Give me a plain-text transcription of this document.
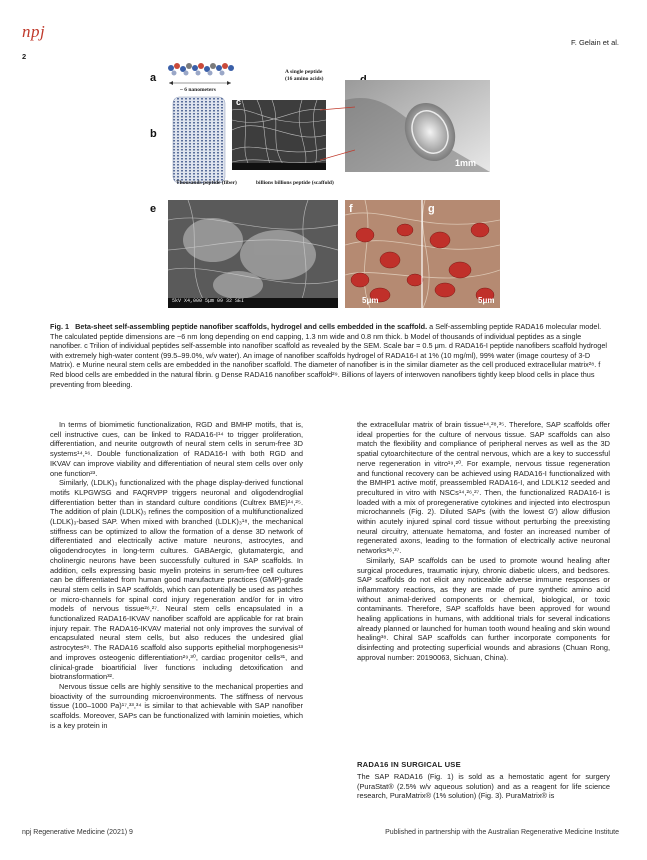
npj
F. Gelain et al.
2
a
b
c
e	f	g
~ 6 nanometers
A single peptide
(16 amino acids)
Thousands peptide (fiber)	billions billions peptide (scaffold)
1mm
5kV X4,000 5μm 09 32 SEI	5μm	5μm
Fig. 1 Beta-sheet self-assembling peptide nanofiber scaffolds, hydrogel and cells embedded in the scaffold. a Self-assembling peptide RADA16 molecular model. The calculated peptide dimensions are ~6 nm long depending on end capping, 1.3 nm wide and 0.8 nm thick. b Model of thousands of individual peptides as a single nanofiber. c Trilion of individual peptides self-assemble into nanofiber scaffold as revealed by the SEM. Scale bar = 0.5 μm. d RADA16-I peptide nanofibers scaffold hydrogel with extremely high-water content (99.5–99.0%, w/v water). An image of nanofiber scaffolds hydrogel of RADA16-I at 1% (10 mg/ml), 99% water (image courtesy of 3-D Matrix). e Murine neural stem cells are embedded in the nanofiber scaffold. The diameter of nanofiber is in the similar diameter as the cell produced extracellular matrix²⁸. f Red blood cells are embedded in the natural fibrin. g Dense RADA16 nanofiber scaffold²⁹. Billions of layers of interwoven nanofibers tightly keep blood cells in place thus preventing from bleeding.

In terms of biomimetic functionalization, RGD and BMHP motifs, that is, cell instructive cues, can be linked to RADA16-I¹⁴ to trigger proliferation, differentiation, and neurite outgrowth of neural stem cells in serum-free 3D systems¹⁴,¹⁶. Double functionalization of RADA16-I with both RGD and IKVAV can improve viability and differentiation of neural stem cells over only one function²³.

Similarly, (LDLK)₃ functionalized with the phage display-derived functional motifs KLPGWSG and FAQRVPP triggers neuronal and oligodendroglial differentiation better than in standard culture conditions (Cultrex BME)²⁴,²⁵. The addition of plain (LDLK)₃ refines the composition of a multifunctionalized (LDLK)₃-based SAP. When mixed with branched (LDLK)₃¹⁸, the mechanical stiffness can be optimized to allow the formation of a dense 3D network of differentiated and electrically active mature neurons, astrocytes, and oligodendrocytes in long-term cultures. GABAergic, glutamatergic, and cholinergic neurons have been successfully cultured in SAP scaffolds. In addition, cells expressing basic myelin proteins in serum-free cell cultures can be differentiated from human good manufacture practices (GMP)-grade neural stem cells in SAP scaffolds, which can potentially be used as patches or micro-channels for spinal cord injury regeneration and/or for in vitro models of nervous tissue²⁶,²⁷. Neural stem cells encapsulated in a functionalized RADA16-IKVAV nanofiber scaffold are applicable for rat brain injury repair. The RADA16-IKVAV material not only improves the survival of encapsulated neural stem cells, but also reduces the undesired glial astrocytes²⁸. The RADA16 scaffold also supports epithelial morphogenesis¹³ and improves osteogenic differentiation²⁹,³⁰, cardiac progenitor cells³¹, and clinical-grade bioartificial liver functions including detoxification and biotransformation³².

Nervous tissue cells are highly sensitive to the mechanical properties and bioactivity of the surrounding microenvironments. The stiffness of nervous tissue (100–1000 Pa)¹⁷,³³,³⁴ is similar to that achievable with SAP nanofiber scaffolds. Moreover, SAPs can be functionalized with laminin moieties, which is a key protein in

the extracellular matrix of brain tissue¹⁴,²⁸,³⁵. Therefore, SAP scaffolds offer ideal properties for the culture of nervous tissue. SAP scaffolds can also match the flexibility and compliance of peripheral nerves as well as the 3D spatial cytoarchitecture of the central nervous, which are a key to successful nerve regeneration in vitro¹⁹,²⁰. For example, nervous tissue regeneration and functional recovery can be achieved using RADA16-I functionalized with the BMHP1 active motif, preassembled RADA16-I, and LDLK12 seeded and precultured in vitro with NSCs¹⁴,²⁶,²⁷. Then, the functionalized RADA16-I is loaded with a mix of proregenerative cytokines and injected into electrospun microchannels (Fig. 2). Diluted SAPs (with the lowest G′) allow diffusion within acutely injured spinal cord tissue without perturbing the preexisting neural circuitry, attenuate hematoma, and foster an increased number of regenerated axons, leading to the formation of electrically active neuronal networks³⁶,³⁷.

Similarly, SAP scaffolds can be used to promote wound healing after surgical procedures, traumatic injury, chronic diabetic ulcers, and bedsores. SAP scaffolds do not elicit any noticeable adverse immune responses or inflammatory reactions, as they are made of pure synthetic amino acid without animal-derived components or chemical, biological, or toxic contaminants. Therefore, SAP scaffolds have been approved for wound healing applications in humans, with additional trials for several indications already planned or launched for human tooth wound healing and skin wound healing³⁸. Chiral SAP scaffolds can further incorporate components for disinfecting and protecting superficial wounds and abrasions (Chuan Rong, approval number: 20190063, Sichuan, China).

RADA16 IN SURGICAL USE
The SAP RADA16 (Fig. 1) is sold as a hemostatic agent for surgery (PuraStat® (2.5% w/v aqueous solution) and as a reagent for life science research, PuraMatrix® (1% solution) (Fig. 3). PuraMatrix® is
npj Regenerative Medicine (2021) 9	Published in partnership with the Australian Regenerative Medicine Institute
